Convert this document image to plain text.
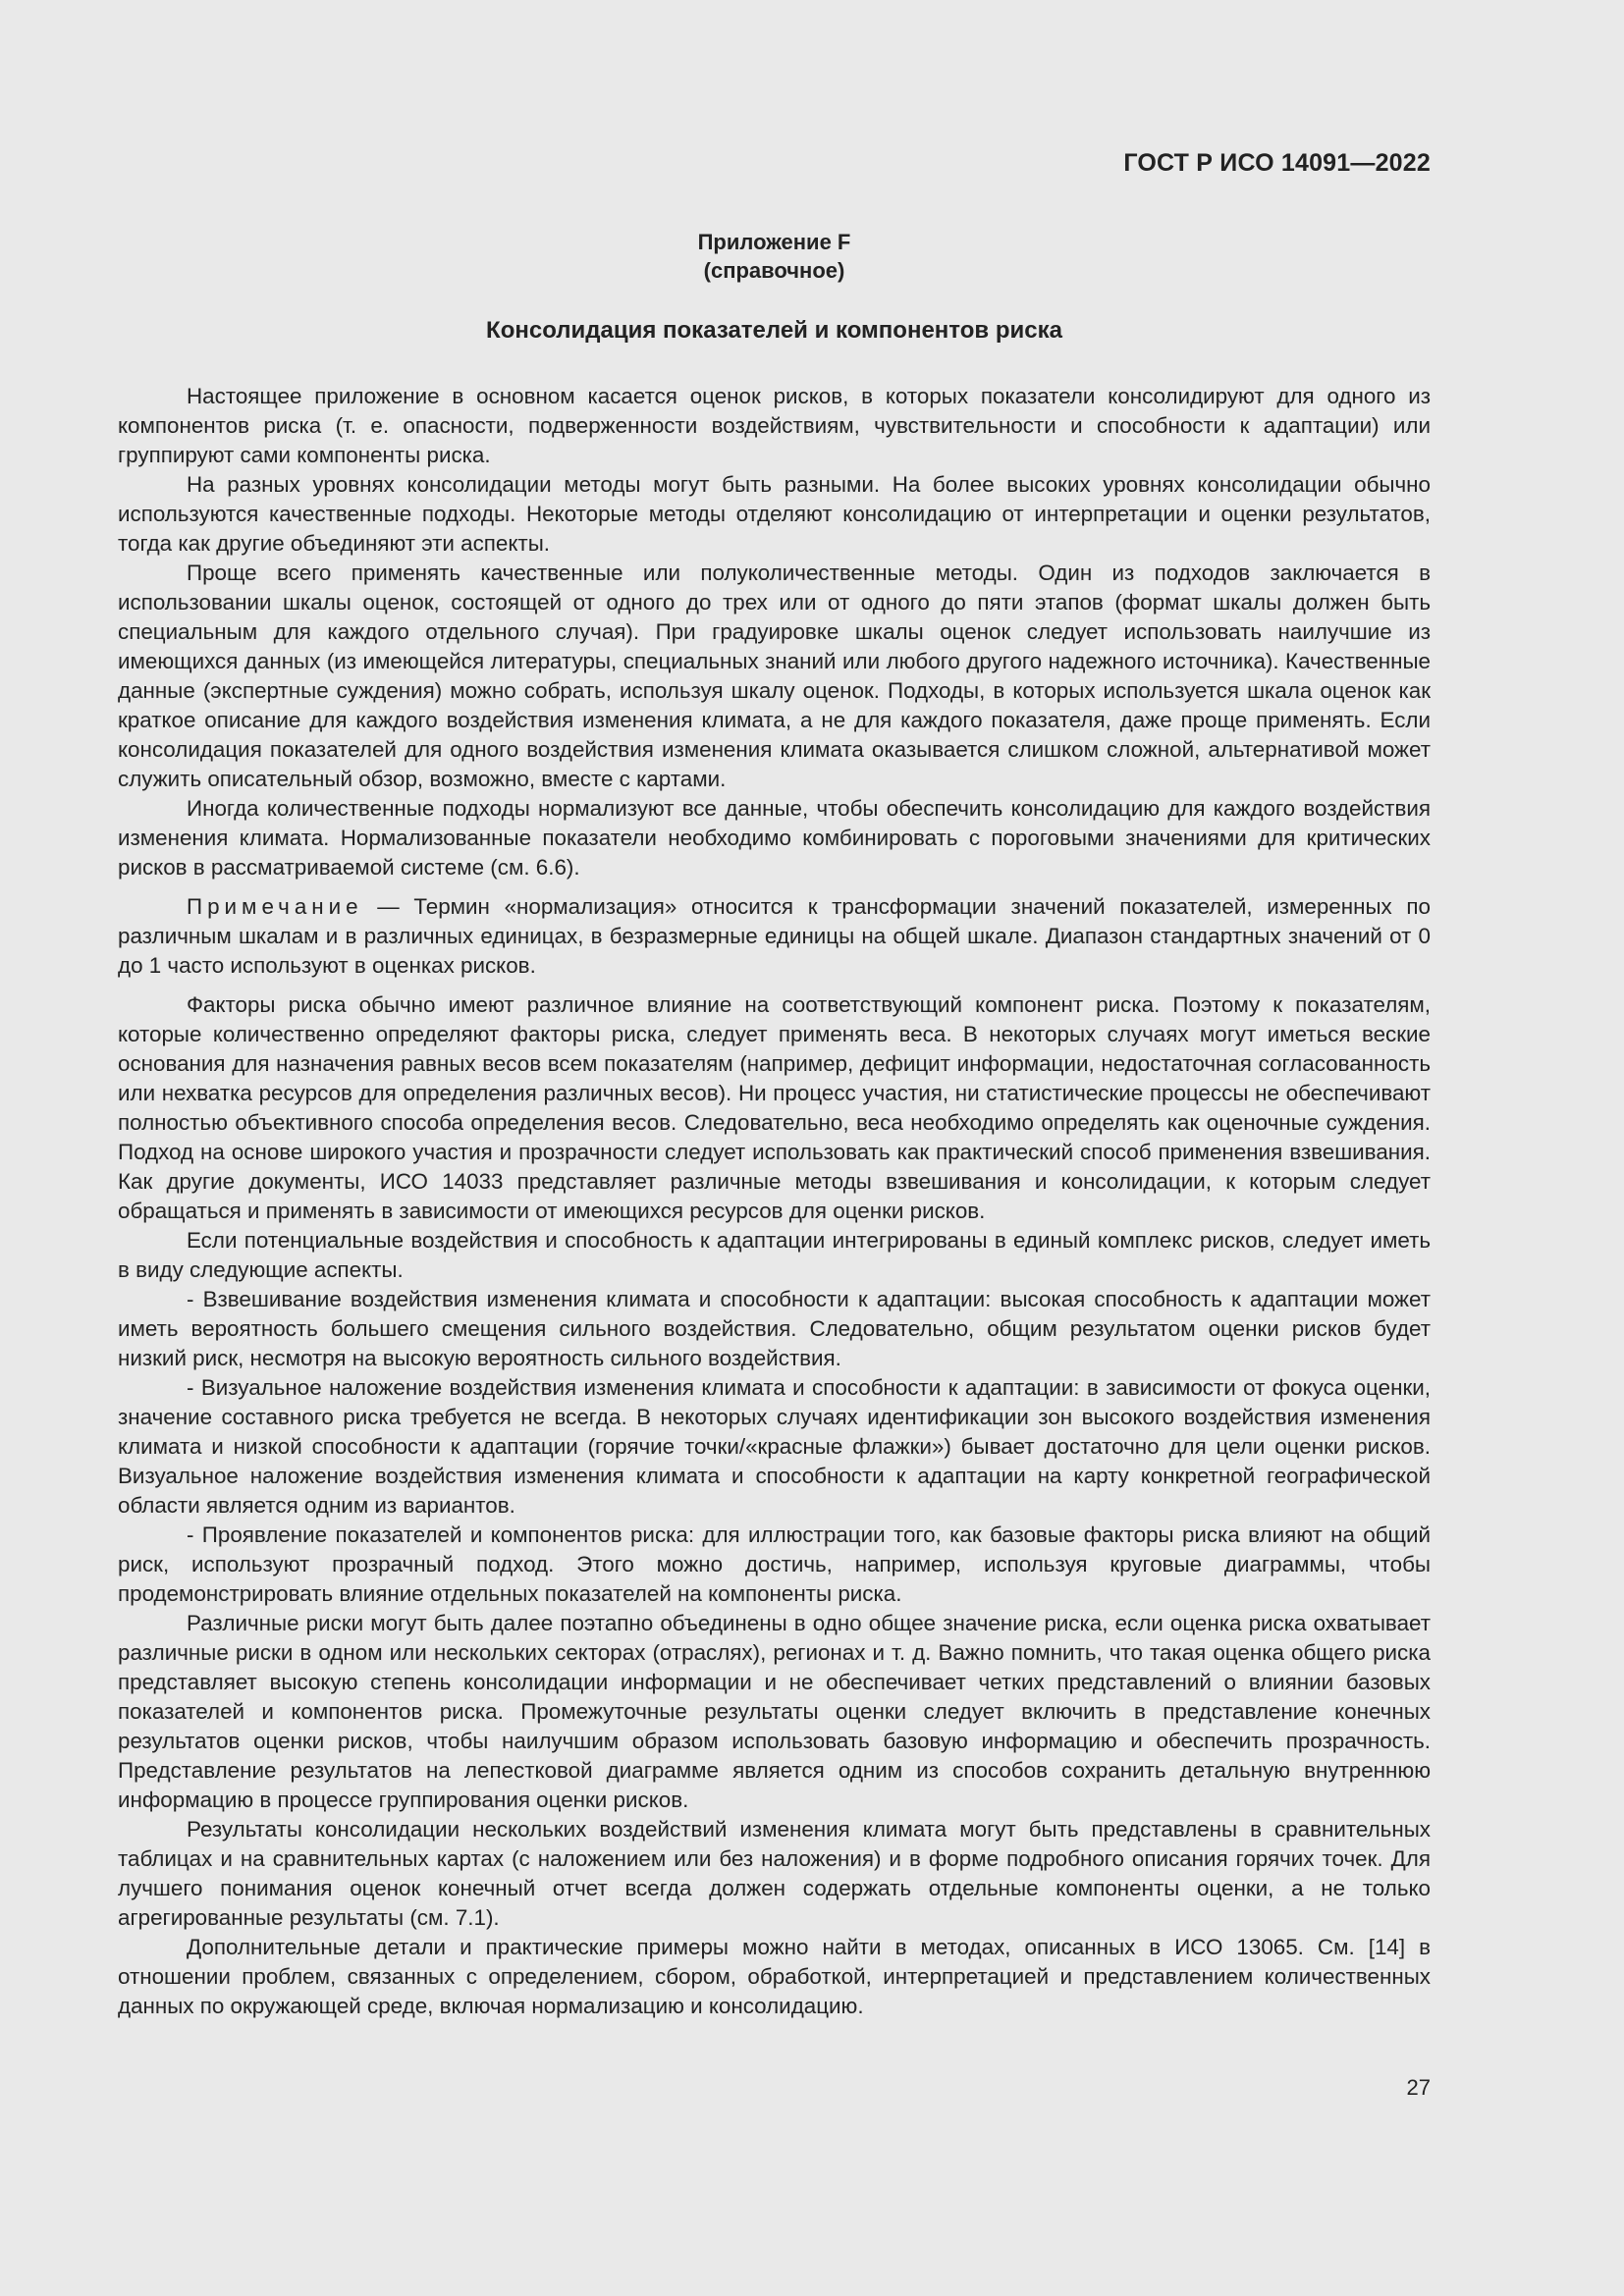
ГОСТ Р ИСО 14091—2022
Приложение F
(справочное)
Консолидация показателей и компонентов риска

Настоящее приложение в основном касается оценок рисков, в которых показатели консолидируют для одного из компонентов риска (т. е. опасности, подверженности воздействиям, чувствительности и способности к адаптации) или группируют сами компоненты риска.

На разных уровнях консолидации методы могут быть разными. На более высоких уровнях консолидации обычно используются качественные подходы. Некоторые методы отделяют консолидацию от интерпретации и оценки результатов, тогда как другие объединяют эти аспекты.

Проще всего применять качественные или полуколичественные методы. Один из подходов заключается в использовании шкалы оценок, состоящей от одного до трех или от одного до пяти этапов (формат шкалы должен быть специальным для каждого отдельного случая). При градуировке шкалы оценок следует использовать наилучшие из имеющихся данных (из имеющейся литературы, специальных знаний или любого другого надежного источника). Качественные данные (экспертные суждения) можно собрать, используя шкалу оценок. Подходы, в которых используется шкала оценок как краткое описание для каждого воздействия изменения климата, а не для каждого показателя, даже проще применять. Если консолидация показателей для одного воздействия изменения климата оказывается слишком сложной, альтернативой может служить описательный обзор, возможно, вместе с картами.

Иногда количественные подходы нормализуют все данные, чтобы обеспечить консолидацию для каждого воздействия изменения климата. Нормализованные показатели необходимо комбинировать с пороговыми значениями для критических рисков в рассматриваемой системе (см. 6.6).

Примечание — Термин «нормализация» относится к трансформации значений показателей, измеренных по различным шкалам и в различных единицах, в безразмерные единицы на общей шкале. Диапазон стандартных значений от 0 до 1 часто используют в оценках рисков.

Факторы риска обычно имеют различное влияние на соответствующий компонент риска. Поэтому к показателям, которые количественно определяют факторы риска, следует применять веса. В некоторых случаях могут иметься веские основания для назначения равных весов всем показателям (например, дефицит информации, недостаточная согласованность или нехватка ресурсов для определения различных весов). Ни процесс участия, ни статистические процессы не обеспечивают полностью объективного способа определения весов. Следовательно, веса необходимо определять как оценочные суждения. Подход на основе широкого участия и прозрачности следует использовать как практический способ применения взвешивания. Как другие документы, ИСО 14033 представляет различные методы взвешивания и консолидации, к которым следует обращаться и применять в зависимости от имеющихся ресурсов для оценки рисков.

Если потенциальные воздействия и способность к адаптации интегрированы в единый комплекс рисков, следует иметь в виду следующие аспекты.

- Взвешивание воздействия изменения климата и способности к адаптации: высокая способность к адаптации может иметь вероятность большего смещения сильного воздействия. Следовательно, общим результатом оценки рисков будет низкий риск, несмотря на высокую вероятность сильного воздействия.

- Визуальное наложение воздействия изменения климата и способности к адаптации: в зависимости от фокуса оценки, значение составного риска требуется не всегда. В некоторых случаях идентификации зон высокого воздействия изменения климата и низкой способности к адаптации (горячие точки/«красные флажки») бывает достаточно для цели оценки рисков. Визуальное наложение воздействия изменения климата и способности к адаптации на карту конкретной географической области является одним из вариантов.

- Проявление показателей и компонентов риска: для иллюстрации того, как базовые факторы риска влияют на общий риск, используют прозрачный подход. Этого можно достичь, например, используя круговые диаграммы, чтобы продемонстрировать влияние отдельных показателей на компоненты риска.

Различные риски могут быть далее поэтапно объединены в одно общее значение риска, если оценка риска охватывает различные риски в одном или нескольких секторах (отраслях), регионах и т. д. Важно помнить, что такая оценка общего риска представляет высокую степень консолидации информации и не обеспечивает четких представлений о влиянии базовых показателей и компонентов риска. Промежуточные результаты оценки следует включить в представление конечных результатов оценки рисков, чтобы наилучшим образом использовать базовую информацию и обеспечить прозрачность. Представление результатов на лепестковой диаграмме является одним из способов сохранить детальную внутреннюю информацию в процессе группирования оценки рисков.

Результаты консолидации нескольких воздействий изменения климата могут быть представлены в сравнительных таблицах и на сравнительных картах (с наложением или без наложения) и в форме подробного описания горячих точек. Для лучшего понимания оценок конечный отчет всегда должен содержать отдельные компоненты оценки, а не только агрегированные результаты (см. 7.1).

Дополнительные детали и практические примеры можно найти в методах, описанных в ИСО 13065. См. [14] в отношении проблем, связанных с определением, сбором, обработкой, интерпретацией и представлением количественных данных по окружающей среде, включая нормализацию и консолидацию.

27
